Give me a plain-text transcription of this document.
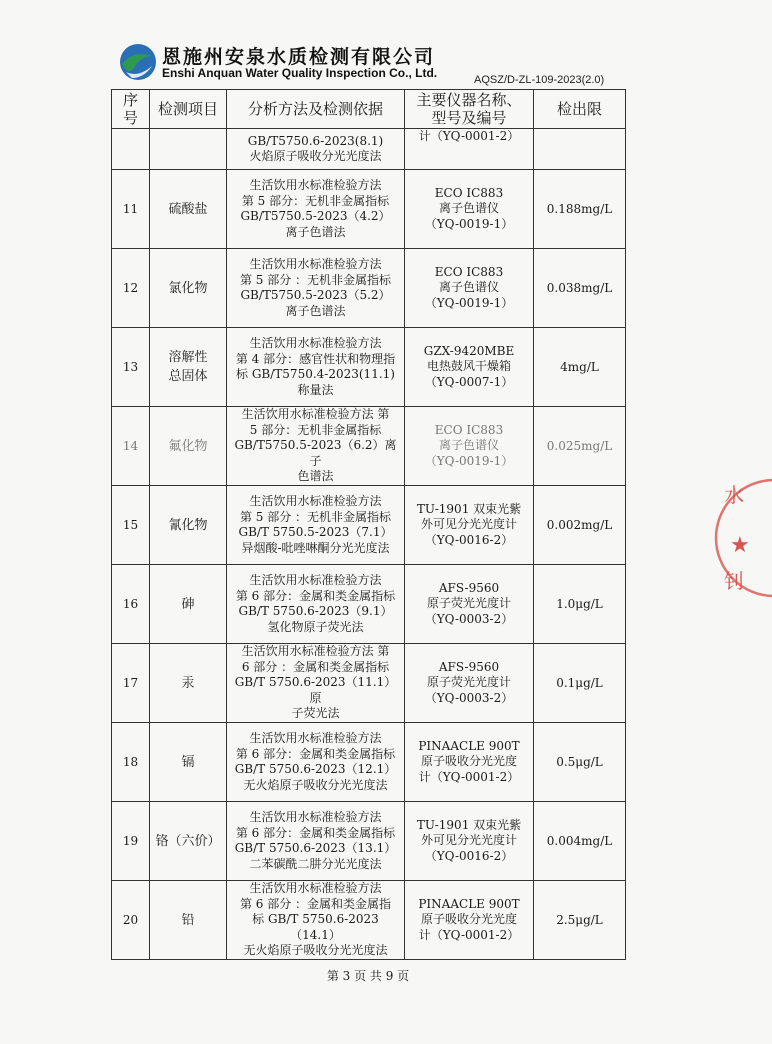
恩施州安泉水质检测有限公司
Enshi Anquan Water Quality Inspection Co., Ltd.	AQSZ/D-ZL-109-2023(2.0)
序
号	检测项目	分析方法及检测依据	主要仪器名称、
型号及编号	检出限
		GB/T5750.6-2023(8.1)
火焰原子吸收分光光度法	计（YQ-0001-2）	
11	硫酸盐	生活饮用水标准检验方法
第 5 部分：无机非金属指标
GB/T5750.5-2023（4.2）
离子色谱法	ECO IC883
离子色谱仪
（YQ-0019-1）	0.188mg/L
12	氯化物	生活饮用水标准检验方法
第 5 部分 ：无机非金属指标
GB/T5750.5-2023（5.2）
离子色谱法	ECO IC883
离子色谱仪
（YQ-0019-1）	0.038mg/L
13	溶解性
总固体	生活饮用水标准检验方法
第 4 部分：感官性状和物理指
标 GB/T5750.4-2023(11.1)
称量法	GZX-9420MBE
电热鼓风干燥箱
（YQ-0007-1）	4mg/L
14	氟化物	生活饮用水标准检验方法 第
5 部分：无机非金属指标
GB/T5750.5-2023（6.2）离子
色谱法	ECO IC883
离子色谱仪
（YQ-0019-1）	0.025mg/L
15	氰化物	生活饮用水标准检验方法
第 5 部分 ：无机非金属指标
GB/T 5750.5-2023（7.1）
异烟酸-吡唑啉酮分光光度法	TU-1901 双束光紫
外可见分光光度计
（YQ-0016-2）	0.002mg/L
16	砷	生活饮用水标准检验方法
第 6 部分：金属和类金属指标
GB/T 5750.6-2023（9.1）
氢化物原子荧光法	AFS-9560
原子荧光光度计
（YQ-0003-2）	1.0μg/L
17	汞	生活饮用水标准检验方法 第
6 部分 ：金属和类金属指标
GB/T 5750.6-2023（11.1）原
子荧光法	AFS-9560
原子荧光光度计
（YQ-0003-2）	0.1μg/L
18	镉	生活饮用水标准检验方法
第 6 部分：金属和类金属指标
GB/T 5750.6-2023（12.1）
无火焰原子吸收分光光度法	PINAACLE 900T
原子吸收分光光度
计（YQ-0001-2）	0.5μg/L
19	铬（六价）	生活饮用水标准检验方法
第 6 部分：金属和类金属指标
GB/T 5750.6-2023（13.1）
二苯碳酰二肼分光光度法	TU-1901 双束光紫
外可见分光光度计
（YQ-0016-2）	0.004mg/L
20	铅	生活饮用水标准检验方法
第 6 部分 ：金属和类金属指
标 GB/T 5750.6-2023（14.1）
无火焰原子吸收分光光度法	PINAACLE 900T
原子吸收分光光度
计（YQ-0001-2）	2.5μg/L
水
★
钊
第 3 页 共 9 页
